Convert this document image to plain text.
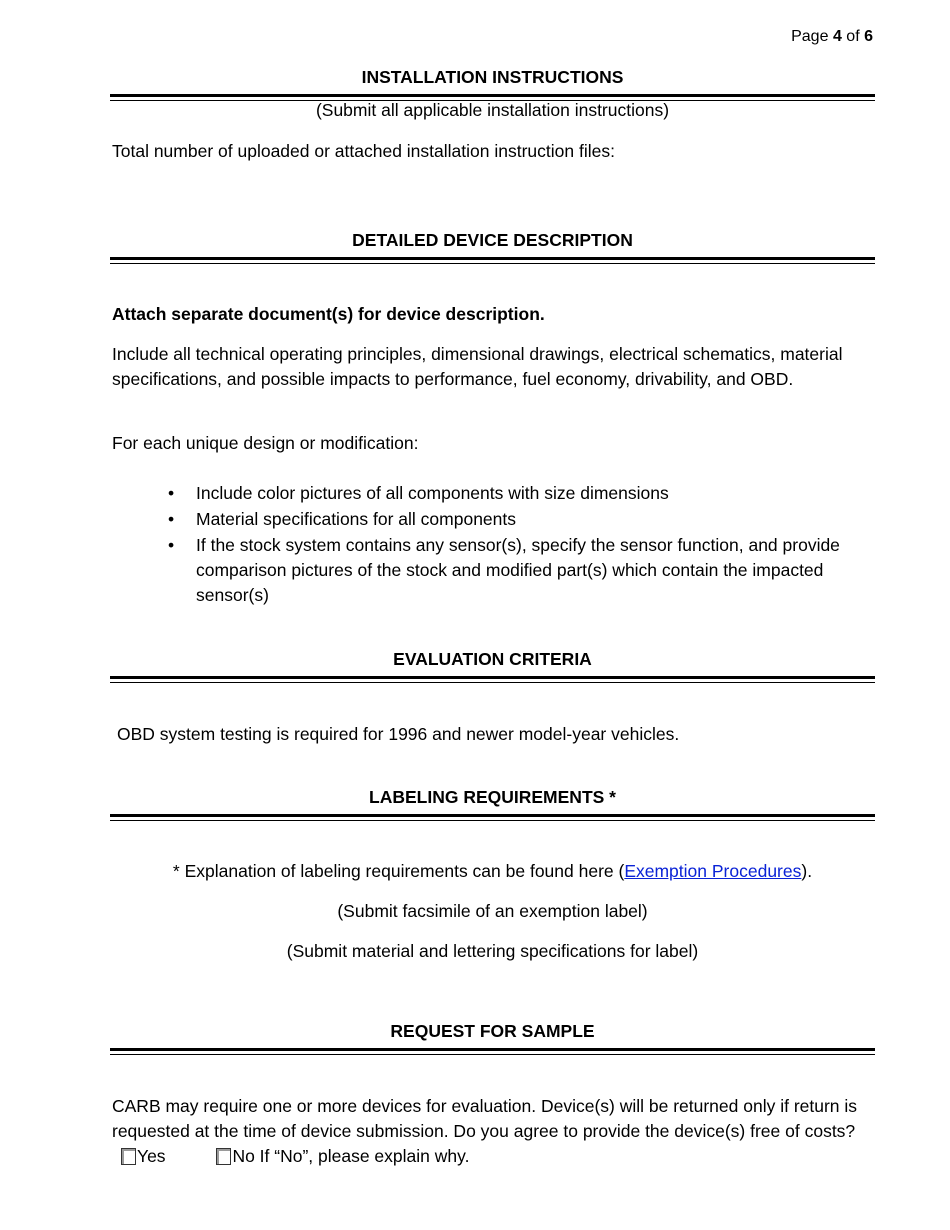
Page 4 of 6
INSTALLATION INSTRUCTIONS
(Submit all applicable installation instructions)
Total number of uploaded or attached installation instruction files:
DETAILED DEVICE DESCRIPTION
Attach separate document(s) for device description.
Include all technical operating principles, dimensional drawings, electrical schematics, material specifications, and possible impacts to performance, fuel economy, drivability, and OBD.
For each unique design or modification:
• Include color pictures of all components with size dimensions
• Material specifications for all components
• If the stock system contains any sensor(s), specify the sensor function, and provide comparison pictures of the stock and modified part(s) which contain the impacted sensor(s)
EVALUATION CRITERIA
OBD system testing is required for 1996 and newer model-year vehicles.
LABELING REQUIREMENTS *
* Explanation of labeling requirements can be found here (Exemption Procedures).
(Submit facsimile of an exemption label)
(Submit material and lettering specifications for label)
REQUEST FOR SAMPLE
CARB may require one or more devices for evaluation. Device(s) will be returned only if return is requested at the time of device submission. Do you agree to provide the device(s) free of costs? Yes	No If “No”, please explain why.
